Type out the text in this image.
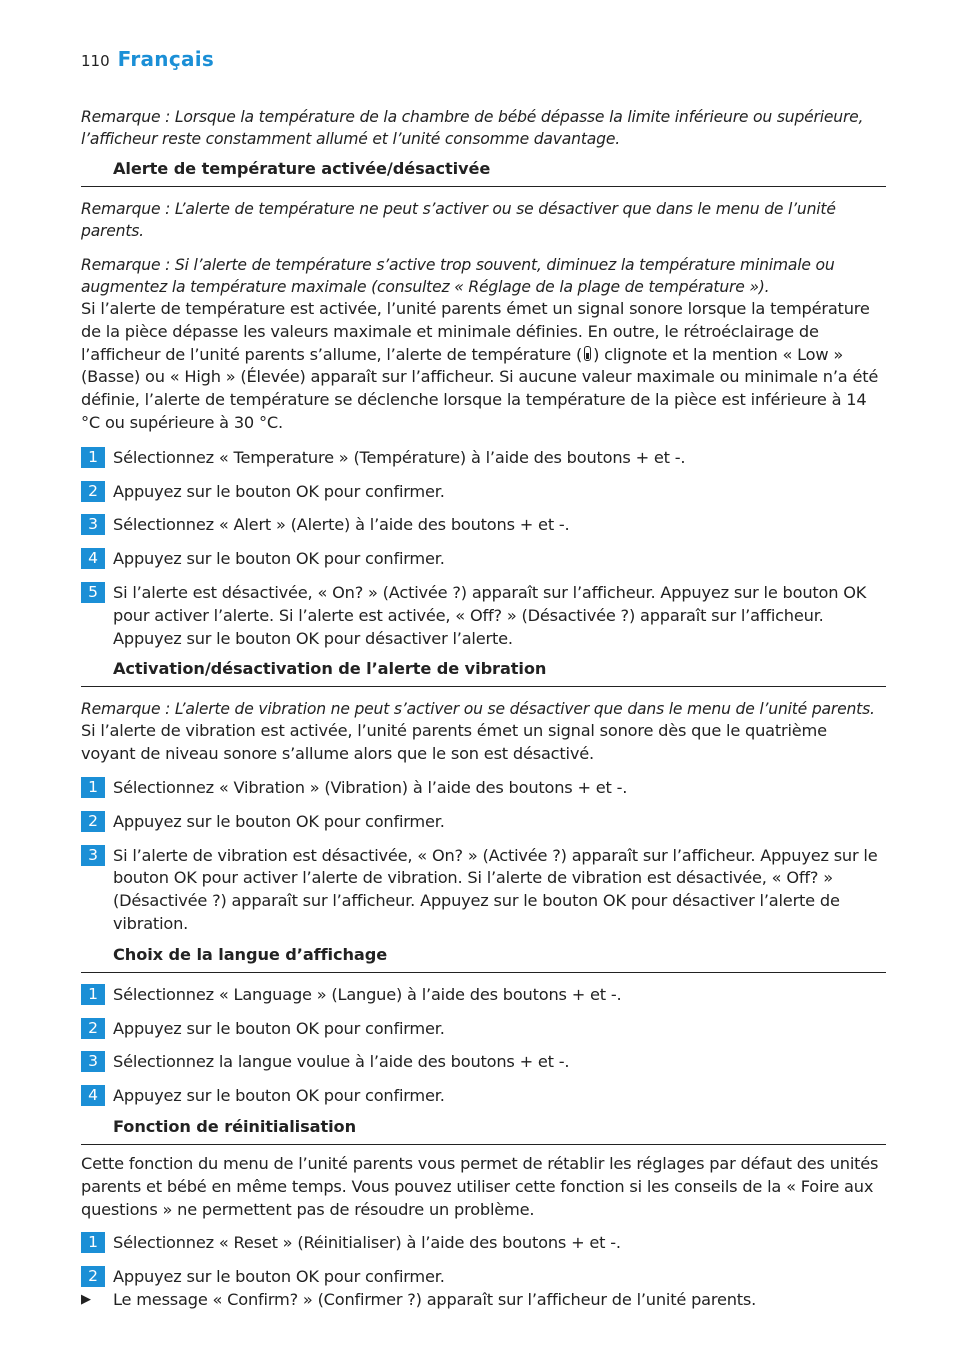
110 Français

Remarque : Lorsque la température de la chambre de bébé dépasse la limite inférieure ou supérieure, l’afficheur reste constamment allumé et l’unité consomme davantage.

Alerte de température activée/désactivée

Remarque : L’alerte de température ne peut s’activer ou se désactiver que dans le menu de l’unité parents.

Remarque : Si l’alerte de température s’active trop souvent, diminuez la température minimale ou augmentez la température maximale (consultez « Réglage de la plage de température »).

Si l’alerte de température est activée, l’unité parents émet un signal sonore lorsque la température de la pièce dépasse les valeurs maximale et minimale définies. En outre, le rétroéclairage de l’afficheur de l’unité parents s’allume, l’alerte de température ( ) clignote et la mention « Low » (Basse) ou « High » (Élevée) apparaît sur l’afficheur. Si aucune valeur maximale ou minimale n’a été définie, l’alerte de température se déclenche lorsque la température de la pièce est inférieure à 14 °C ou supérieure à 30 °C.

1 Sélectionnez « Temperature » (Température) à l’aide des boutons + et -.

2 Appuyez sur le bouton OK pour confirmer.

3 Sélectionnez « Alert » (Alerte) à l’aide des boutons + et -.

4 Appuyez sur le bouton OK pour confirmer.

5 Si l’alerte est désactivée, « On? » (Activée ?) apparaît sur l’afficheur. Appuyez sur le bouton OK pour activer l’alerte. Si l’alerte est activée, « Off? » (Désactivée ?) apparaît sur l’afficheur. Appuyez sur le bouton OK pour désactiver l’alerte.

Activation/désactivation de l’alerte de vibration

Remarque : L’alerte de vibration ne peut s’activer ou se désactiver que dans le menu de l’unité parents.

Si l’alerte de vibration est activée, l’unité parents émet un signal sonore dès que le quatrième voyant de niveau sonore s’allume alors que le son est désactivé.

1 Sélectionnez « Vibration » (Vibration) à l’aide des boutons + et -.

2 Appuyez sur le bouton OK pour confirmer.

3 Si l’alerte de vibration est désactivée, « On? » (Activée ?) apparaît sur l’afficheur. Appuyez sur le bouton OK pour activer l’alerte de vibration. Si l’alerte de vibration est désactivée, « Off? » (Désactivée ?) apparaît sur l’afficheur. Appuyez sur le bouton OK pour désactiver l’alerte de vibration.

Choix de la langue d’affichage
1 Sélectionnez « Language » (Langue) à l’aide des boutons + et -.

2 Appuyez sur le bouton OK pour confirmer.

3 Sélectionnez la langue voulue à l’aide des boutons + et -.

4 Appuyez sur le bouton OK pour confirmer.

Fonction de réinitialisation

Cette fonction du menu de l’unité parents vous permet de rétablir les réglages par défaut des unités parents et bébé en même temps. Vous pouvez utiliser cette fonction si les conseils de la « Foire aux questions » ne permettent pas de résoudre un problème.

1 Sélectionnez « Reset » (Réinitialiser) à l’aide des boutons + et -.

2 Appuyez sur le bouton OK pour confirmer.

▶	Le message « Confirm? » (Confirmer ?) apparaît sur l’afficheur de l’unité parents.
